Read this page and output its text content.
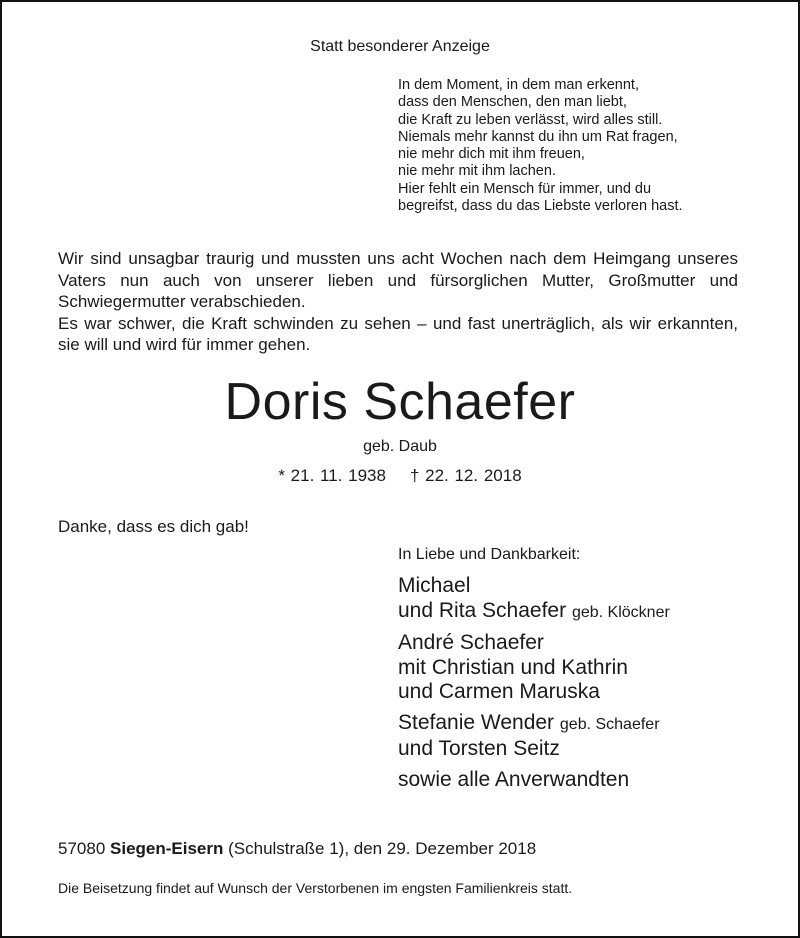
Statt besonderer Anzeige
In dem Moment, in dem man erkennt,
dass den Menschen, den man liebt,
die Kraft zu leben verlässt, wird alles still.
Niemals mehr kannst du ihn um Rat fragen,
nie mehr dich mit ihm freuen,
nie mehr mit ihm lachen.
Hier fehlt ein Mensch für immer, und du
begreifst, dass du das Liebste verloren hast.

Wir sind unsagbar traurig und mussten uns acht Wochen nach dem Heimgang unseres Vaters nun auch von unserer lieben und fürsorglichen Mutter, Großmutter und Schwiegermutter verabschieden.

Es war schwer, die Kraft schwinden zu sehen – und fast unerträglich, als wir erkannten, sie will und wird für immer gehen.

Doris Schaefer
geb. Daub
* 21. 11. 1938 † 22. 12. 2018
Danke, dass es dich gab!
In Liebe und Dankbarkeit:
Michael
und Rita Schaefer geb. Klöckner
André Schaefer
mit Christian und Kathrin
und Carmen Maruska
Stefanie Wender geb. Schaefer
und Torsten Seitz
sowie alle Anverwandten
57080 Siegen-Eisern (Schulstraße 1), den 29. Dezember 2018
Die Beisetzung findet auf Wunsch der Verstorbenen im engsten Familienkreis statt.
